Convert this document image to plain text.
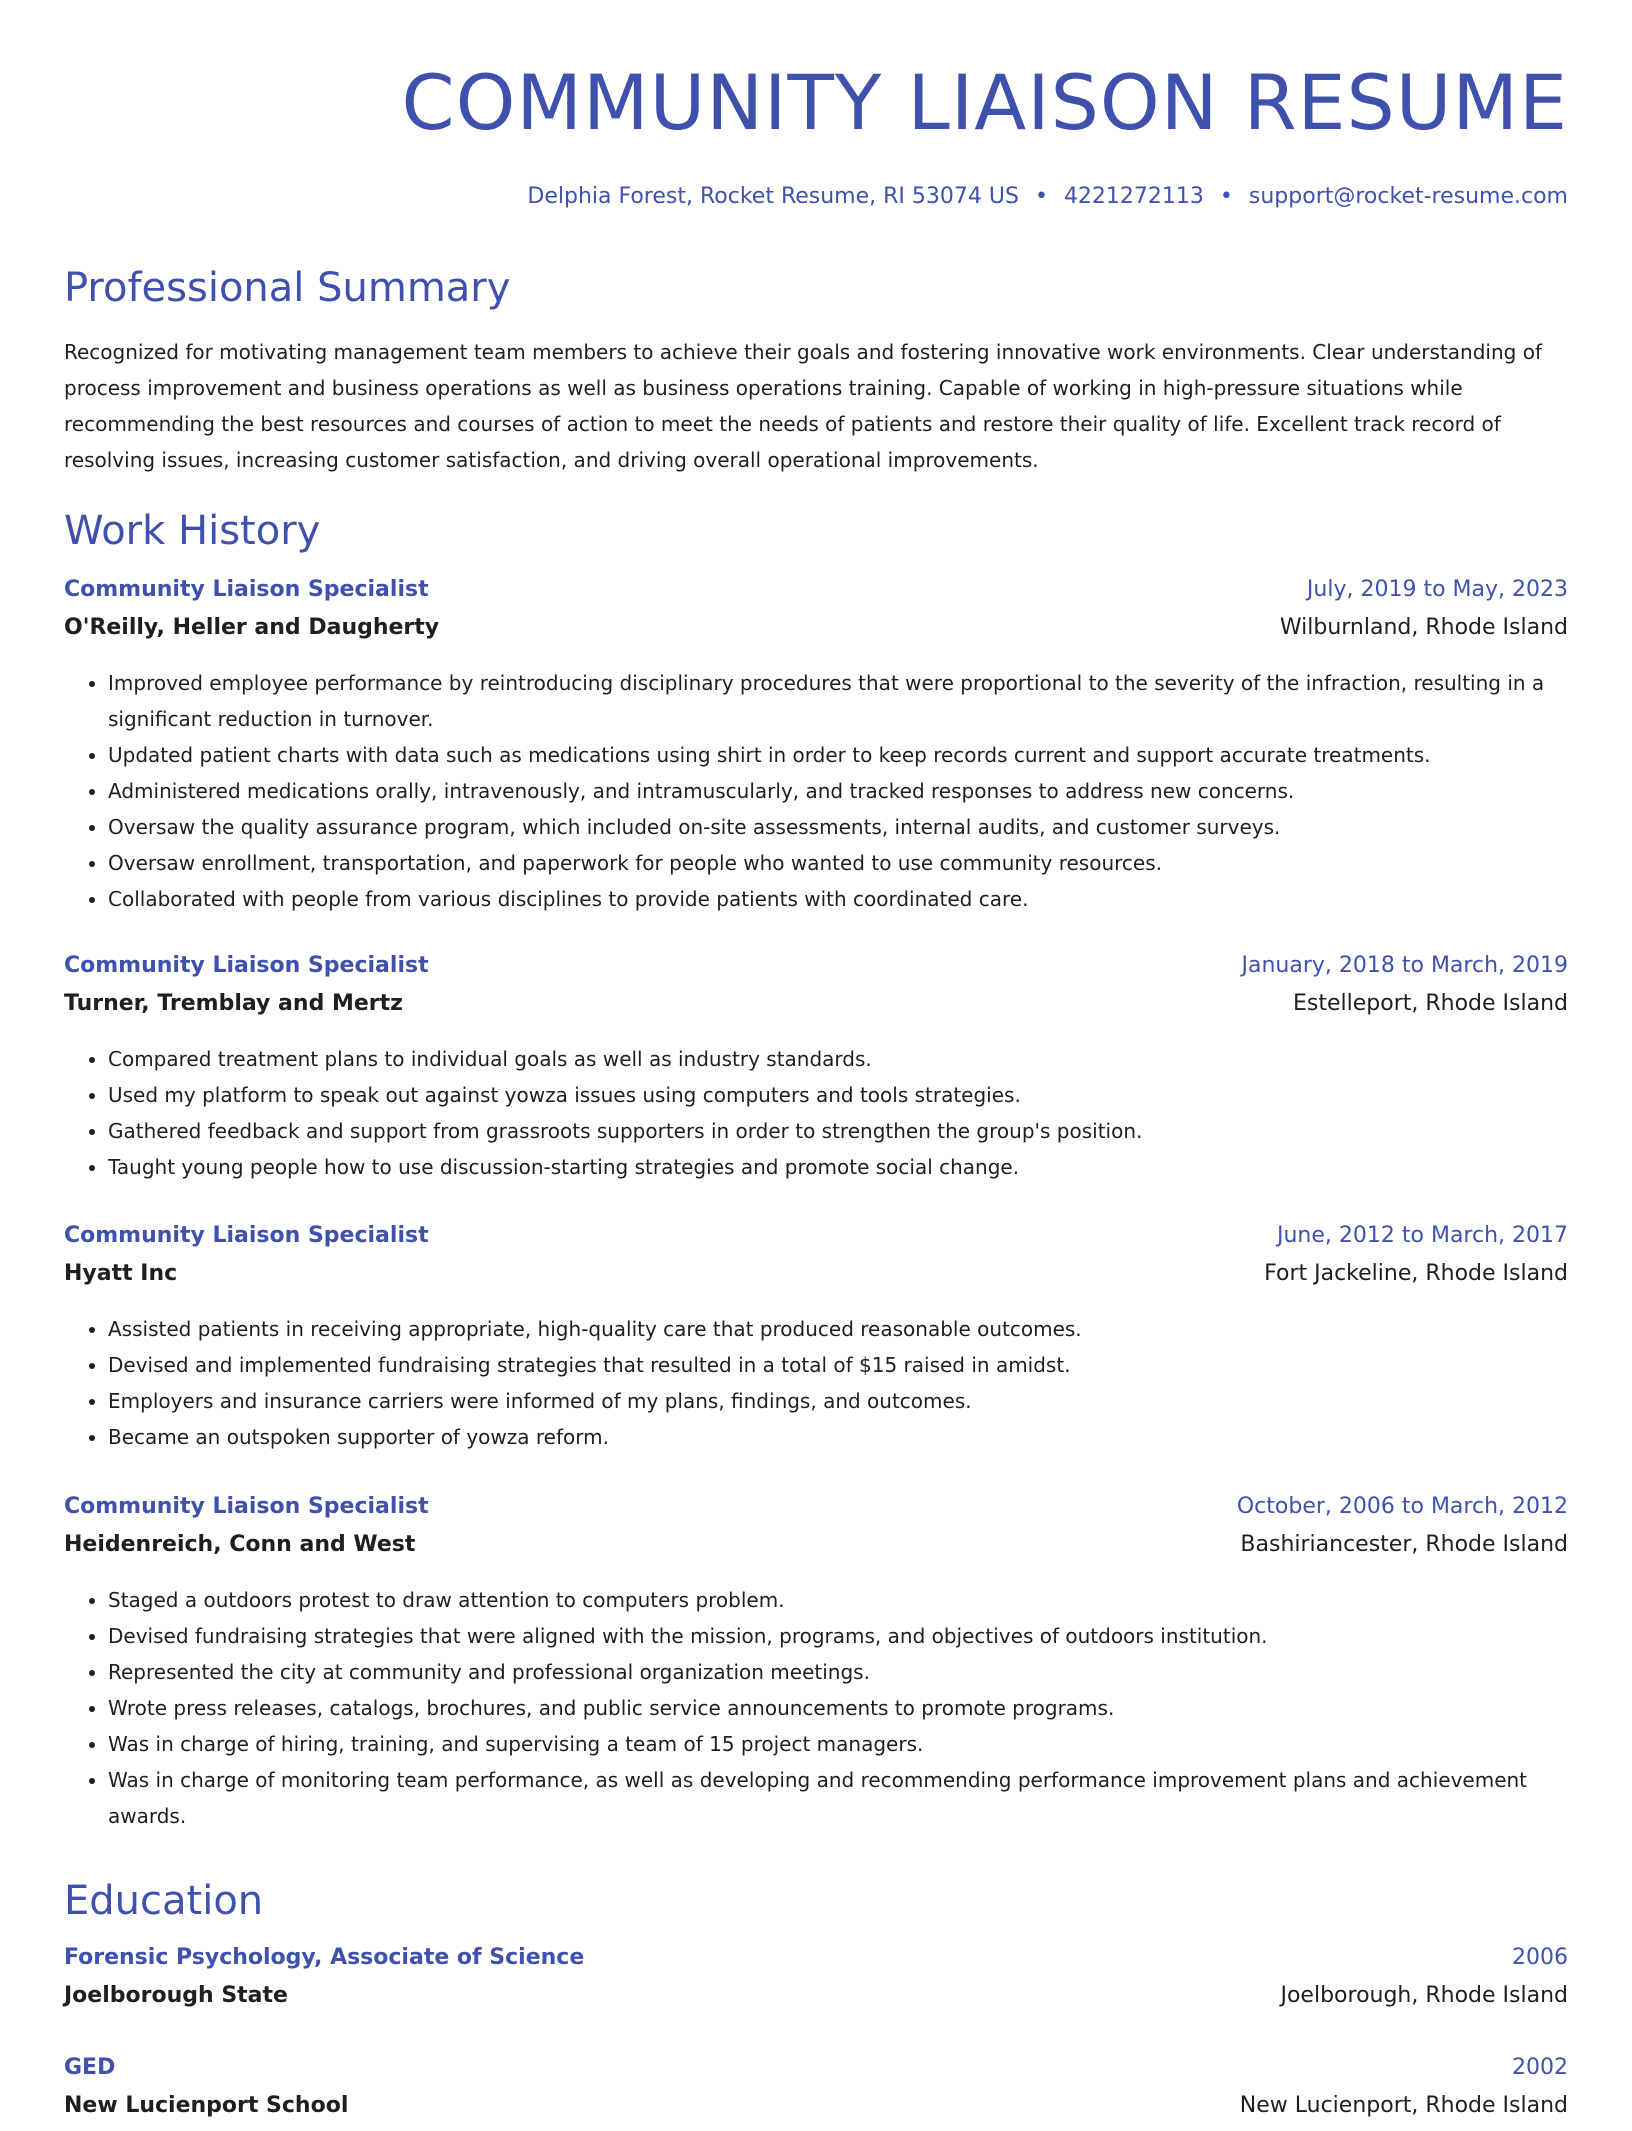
COMMUNITY LIAISON RESUME
Delphia Forest, Rocket Resume, RI 53074 US • 4221272113 • support@rocket-resume.com
Professional Summary
Recognized for motivating management team members to achieve their goals and fostering innovative work environments. Clear understanding of process improvement and business operations as well as business operations training. Capable of working in high-pressure situations while recommending the best resources and courses of action to meet the needs of patients and restore their quality of life. Excellent track record of resolving issues, increasing customer satisfaction, and driving overall operational improvements.
Work History
Community Liaison Specialist	July, 2019 to May, 2023
O'Reilly, Heller and Daugherty	Wilburnland, Rhode Island
• Improved employee performance by reintroducing disciplinary procedures that were proportional to the severity of the infraction, resulting in a significant reduction in turnover.
• Updated patient charts with data such as medications using shirt in order to keep records current and support accurate treatments.
• Administered medications orally, intravenously, and intramuscularly, and tracked responses to address new concerns.
• Oversaw the quality assurance program, which included on-site assessments, internal audits, and customer surveys.
• Oversaw enrollment, transportation, and paperwork for people who wanted to use community resources.
• Collaborated with people from various disciplines to provide patients with coordinated care.
Community Liaison Specialist	January, 2018 to March, 2019
Turner, Tremblay and Mertz	Estelleport, Rhode Island
• Compared treatment plans to individual goals as well as industry standards.
• Used my platform to speak out against yowza issues using computers and tools strategies.
• Gathered feedback and support from grassroots supporters in order to strengthen the group's position.
• Taught young people how to use discussion-starting strategies and promote social change.
Community Liaison Specialist	June, 2012 to March, 2017
Hyatt Inc	Fort Jackeline, Rhode Island
• Assisted patients in receiving appropriate, high-quality care that produced reasonable outcomes.
• Devised and implemented fundraising strategies that resulted in a total of $15 raised in amidst.
• Employers and insurance carriers were informed of my plans, findings, and outcomes.
• Became an outspoken supporter of yowza reform.
Community Liaison Specialist	October, 2006 to March, 2012
Heidenreich, Conn and West	Bashiriancester, Rhode Island
• Staged a outdoors protest to draw attention to computers problem.
• Devised fundraising strategies that were aligned with the mission, programs, and objectives of outdoors institution.
• Represented the city at community and professional organization meetings.
• Wrote press releases, catalogs, brochures, and public service announcements to promote programs.
• Was in charge of hiring, training, and supervising a team of 15 project managers.
• Was in charge of monitoring team performance, as well as developing and recommending performance improvement plans and achievement awards.
Education
Forensic Psychology, Associate of Science	2006
Joelborough State	Joelborough, Rhode Island
GED	2002
New Lucienport School	New Lucienport, Rhode Island
